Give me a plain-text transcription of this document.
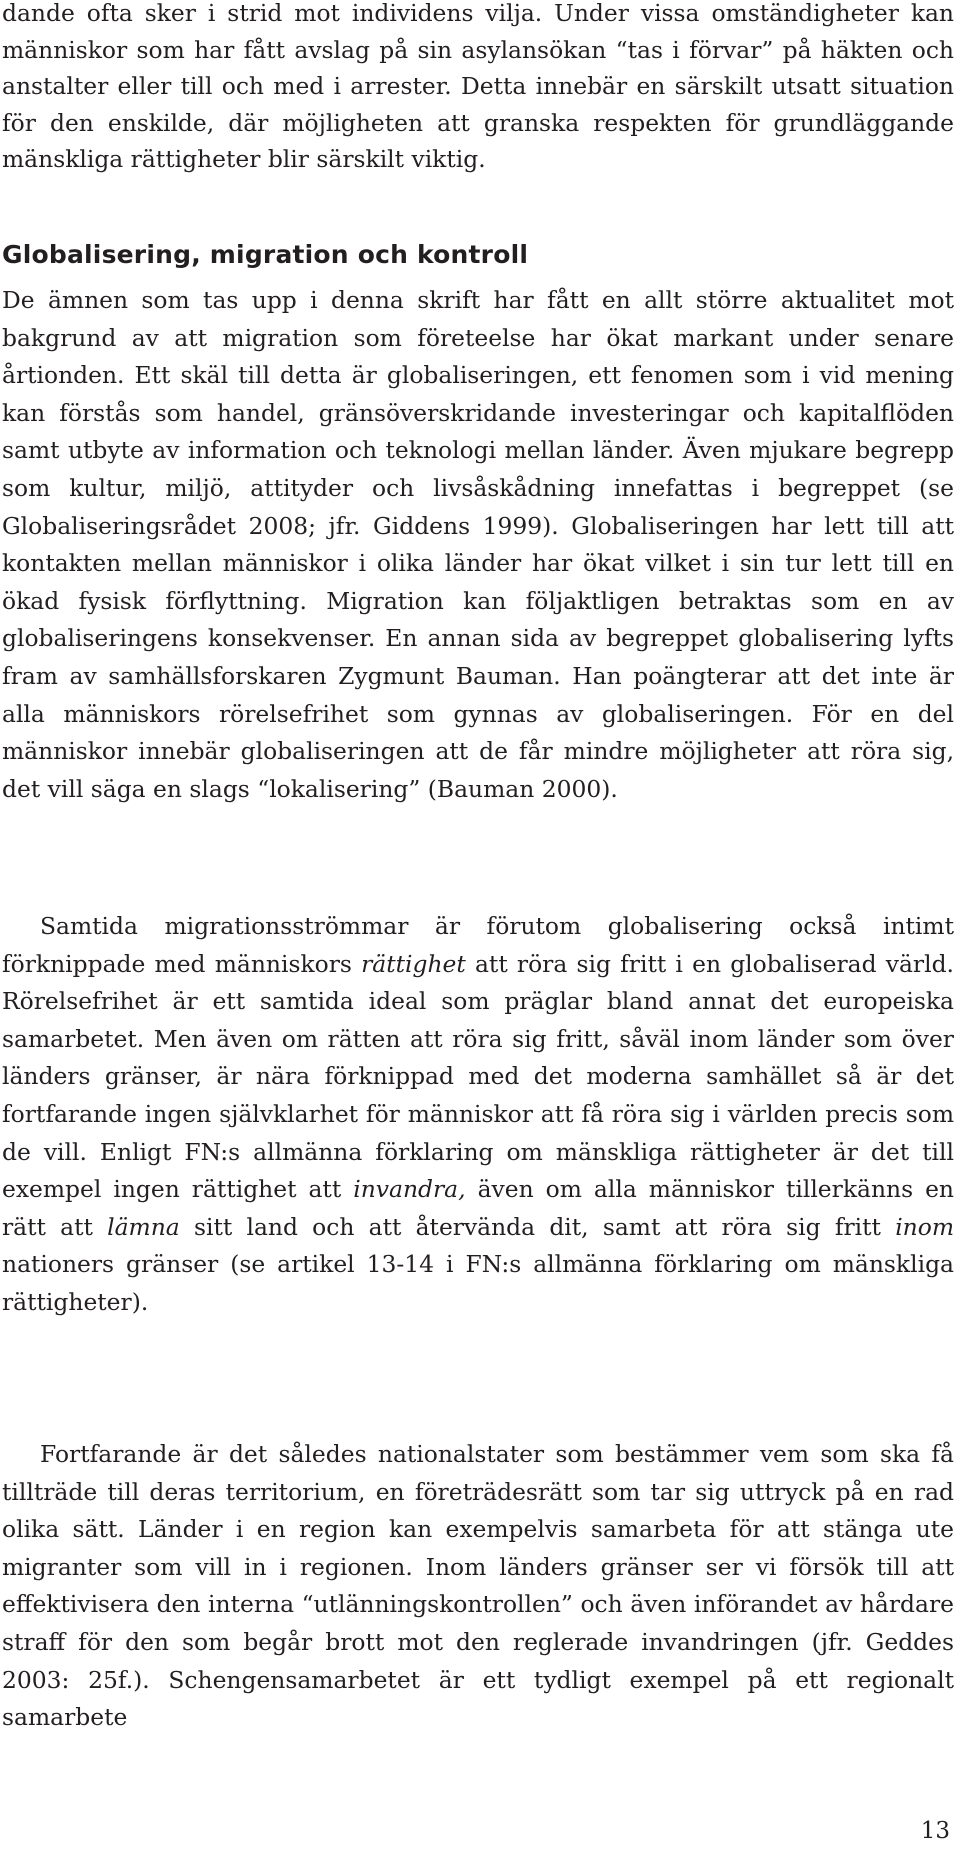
dande ofta sker i strid mot individens vilja. Under vissa omständigheter kan människor som har fått avslag på sin asylansökan “tas i förvar” på häkten och anstalter eller till och med i arrester. Detta innebär en särskilt utsatt situation för den enskilde, där möjligheten att granska respekten för grundläggande mänskliga rättigheter blir särskilt viktig.

Globalisering, migration och kontroll

De ämnen som tas upp i denna skrift har fått en allt större aktualitet mot bakgrund av att migration som företeelse har ökat markant under senare årtionden. Ett skäl till detta är globaliseringen, ett fenomen som i vid mening kan förstås som handel, gränsöverskridande investeringar och kapitalflöden samt utbyte av information och teknologi mellan länder. Även mjukare begrepp som kultur, miljö, attityder och livsåskådning innefattas i begreppet (se Globaliseringsrådet 2008; jfr. Giddens 1999). Globaliseringen har lett till att kontakten mellan människor i olika länder har ökat vilket i sin tur lett till en ökad fysisk förflyttning. Migration kan följaktligen betraktas som en av globaliseringens konsekvenser. En annan sida av begreppet globalisering lyfts fram av samhällsforskaren Zygmunt Bauman. Han poängterar att det inte är alla människors rörelsefrihet som gynnas av globaliseringen. För en del människor innebär globaliseringen att de får mindre möjligheter att röra sig, det vill säga en slags “lokalisering” (Bauman 2000).

Samtida migrationsströmmar är förutom globalisering också intimt förknippade med människors rättighet att röra sig fritt i en globaliserad värld. Rörelsefrihet är ett samtida ideal som präglar bland annat det europeiska samarbetet. Men även om rätten att röra sig fritt, såväl inom länder som över länders gränser, är nära förknippad med det moderna samhället så är det fortfarande ingen självklarhet för människor att få röra sig i världen precis som de vill. Enligt FN:s allmänna förklaring om mänskliga rättigheter är det till exempel ingen rättighet att invandra, även om alla människor tillerkänns en rätt att lämna sitt land och att återvända dit, samt att röra sig fritt inom nationers gränser (se artikel 13-14 i FN:s allmänna förklaring om mänskliga rättigheter).

Fortfarande är det således nationalstater som bestämmer vem som ska få tillträde till deras territorium, en företrädesrätt som tar sig uttryck på en rad olika sätt. Länder i en region kan exempelvis samarbeta för att stänga ute migranter som vill in i regionen. Inom länders gränser ser vi försök till att effektivisera den interna “utlänningskontrollen” och även införandet av hårdare straff för den som begår brott mot den reglerade invandringen (jfr. Geddes 2003: 25f.). Schengensamarbetet är ett tydligt exempel på ett regionalt samarbete

13
